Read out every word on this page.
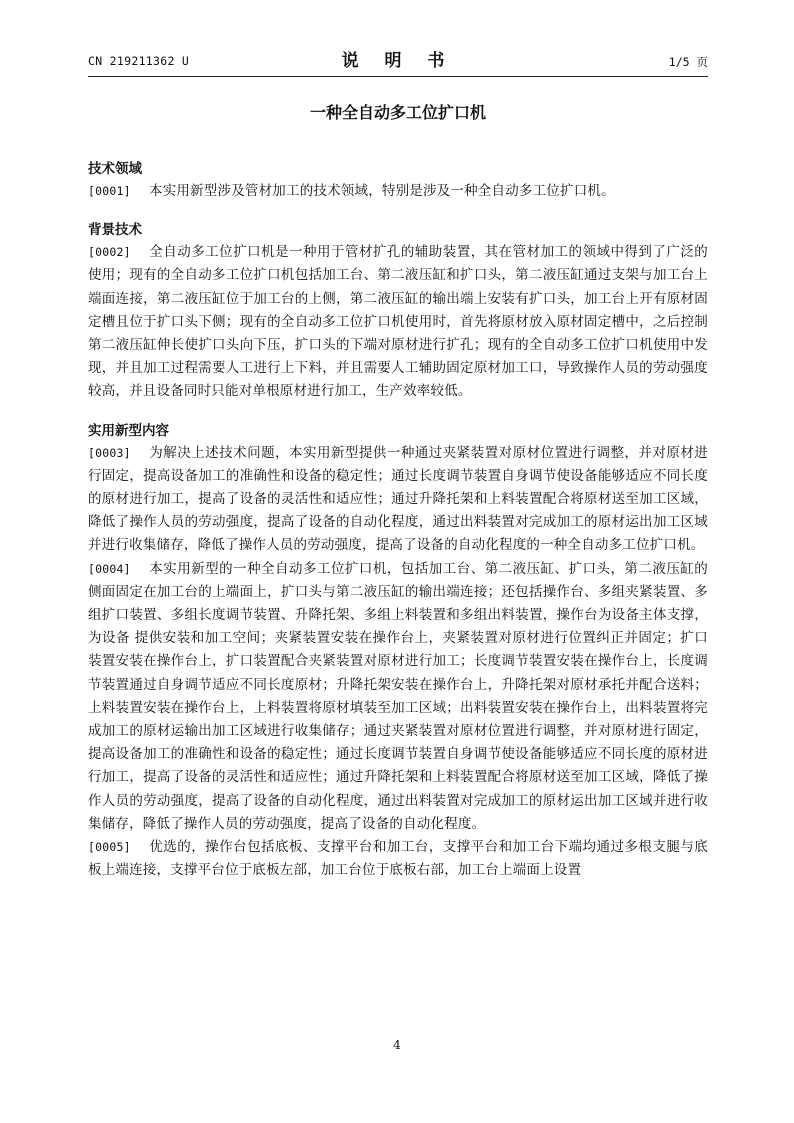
CN 219211362 U	说 明 书	1/5 页
一种全自动多工位扩口机
技术领域
[0001] 本实用新型涉及管材加工的技术领域，特别是涉及一种全自动多工位扩口机。
背景技术
[0002] 全自动多工位扩口机是一种用于管材扩孔的辅助装置，其在管材加工的领域中得到了广泛的使用；现有的全自动多工位扩口机包括加工台、第二液压缸和扩口头，第二液压缸通过支架与加工台上端面连接，第二液压缸位于加工台的上侧，第二液压缸的输出端上安装有扩口头，加工台上开有原材固定槽且位于扩口头下侧；现有的全自动多工位扩口机使用时，首先将原材放入原材固定槽中，之后控制第二液压缸伸长使扩口头向下压，扩口头的下端对原材进行扩孔；现有的全自动多工位扩口机使用中发现，并且加工过程需要人工进行上下料，并且需要人工辅助固定原材加工口，导致操作人员的劳动强度较高，并且设备同时只能对单根原材进行加工，生产效率较低。
实用新型内容
[0003] 为解决上述技术问题，本实用新型提供一种通过夹紧装置对原材位置进行调整，并对原材进行固定，提高设备加工的准确性和设备的稳定性；通过长度调节装置自身调节使设备能够适应不同长度的原材进行加工，提高了设备的灵活性和适应性；通过升降托架和上料装置配合将原材送至加工区域，降低了操作人员的劳动强度，提高了设备的自动化程度，通过出料装置对完成加工的原材运出加工区域并进行收集储存，降低了操作人员的劳动强度，提高了设备的自动化程度的一种全自动多工位扩口机。
[0004] 本实用新型的一种全自动多工位扩口机，包括加工台、第二液压缸、扩口头，第二液压缸的侧面固定在加工台的上端面上，扩口头与第二液压缸的输出端连接；还包括操作台、多组夹紧装置、多组扩口装置、多组长度调节装置、升降托架、多组上料装置和多组出料装置，操作台为设备主体支撑，为设备 提供安装和加工空间；夹紧装置安装在操作台上，夹紧装置对原材进行位置纠正并固定；扩口装置安装在操作台上，扩口装置配合夹紧装置对原材进行加工；长度调节装置安装在操作台上，长度调节装置通过自身调节适应不同长度原材；升降托架安装在操作台上，升降托架对原材承托并配合送料；上料装置安装在操作台上，上料装置将原材填装至加工区域；出料装置安装在操作台上，出料装置将完成加工的原材运输出加工区域进行收集储存；通过夹紧装置对原材位置进行调整，并对原材进行固定，提高设备加工的准确性和设备的稳定性；通过长度调节装置自身调节使设备能够适应不同长度的原材进行加工，提高了设备的灵活性和适应性；通过升降托架和上料装置配合将原材送至加工区域，降低了操作人员的劳动强度，提高了设备的自动化程度，通过出料装置对完成加工的原材运出加工区域并进行收集储存，降低了操作人员的劳动强度，提高了设备的自动化程度。
[0005] 优选的，操作台包括底板、支撑平台和加工台，支撑平台和加工台下端均通过多根支腿与底板上端连接，支撑平台位于底板左部，加工台位于底板右部，加工台上端面上设置
4
